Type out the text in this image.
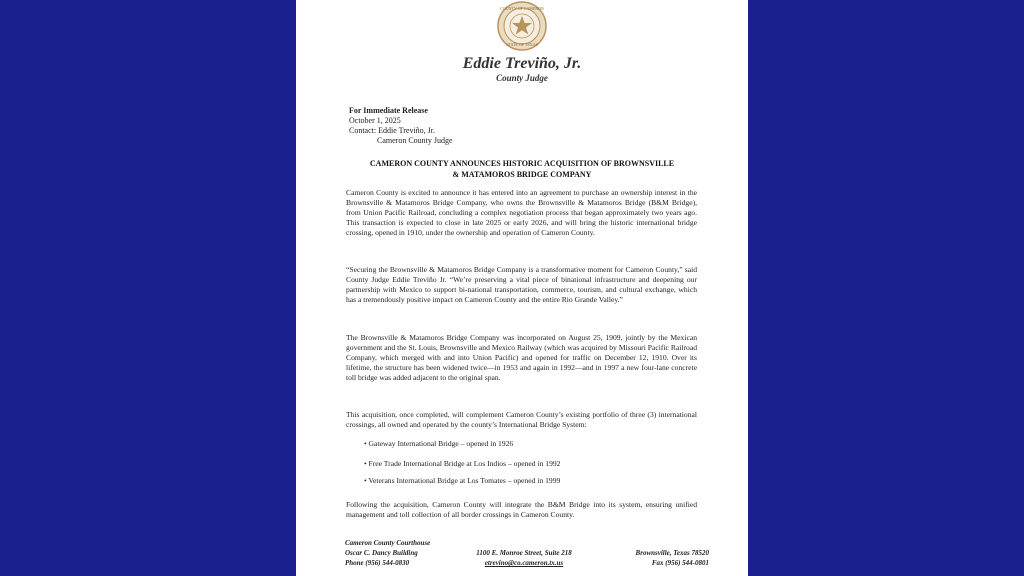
COUNTY OF CAMERON
STATE OF TEXAS
Eddie Treviño, Jr.
County Judge
For Immediate Release
October 1, 2025
Contact: Eddie Treviño, Jr.
Cameron County Judge
CAMERON COUNTY ANNOUNCES HISTORIC ACQUISITION OF BROWNSVILLE
& MATAMOROS BRIDGE COMPANY
Cameron County is excited to announce it has entered into an agreement to purchase an ownership interest in the Brownsville & Matamoros Bridge Company, who owns the Brownsville & Matamoros Bridge (B&M Bridge), from Union Pacific Railroad, concluding a complex negotiation process that began approximately two years ago. This transaction is expected to close in late 2025 or early 2026, and will bring the historic international bridge crossing, opened in 1910, under the ownership and operation of Cameron County.
“Securing the Brownsville & Matamoros Bridge Company is a transformative moment for Cameron County,” said County Judge Eddie Treviño Jr. “We’re preserving a vital piece of binational infrastructure and deepening our partnership with Mexico to support bi-national transportation, commerce, tourism, and cultural exchange, which has a tremendously positive impact on Cameron County and the entire Rio Grande Valley.”
The Brownsville & Matamoros Bridge Company was incorporated on August 25, 1909, jointly by the Mexican government and the St. Louis, Brownsville and Mexico Railway (which was acquired by Missouri Pacific Railroad Company, which merged with and into Union Pacific) and opened for traffic on December 12, 1910. Over its lifetime, the structure has been widened twice—in 1953 and again in 1992—and in 1997 a new four-lane concrete toll bridge was added adjacent to the original span.
This acquisition, once completed, will complement Cameron County’s existing portfolio of three (3) international crossings, all owned and operated by the county’s International Bridge System:
• Gateway International Bridge – opened in 1926
• Free Trade International Bridge at Los Indios – opened in 1992
• Veterans International Bridge at Los Tomates – opened in 1999
Following the acquisition, Cameron County will integrate the B&M Bridge into its system, ensuring unified management and toll collection of all border crossings in Cameron County.
Cameron County Courthouse
Oscar C. Dancy Building
Phone (956) 544-0830
1100 E. Monroe Street, Suite 218
etrevino@co.cameron.tx.us
Brownsville, Texas 78520
Fax (956) 544-0801
